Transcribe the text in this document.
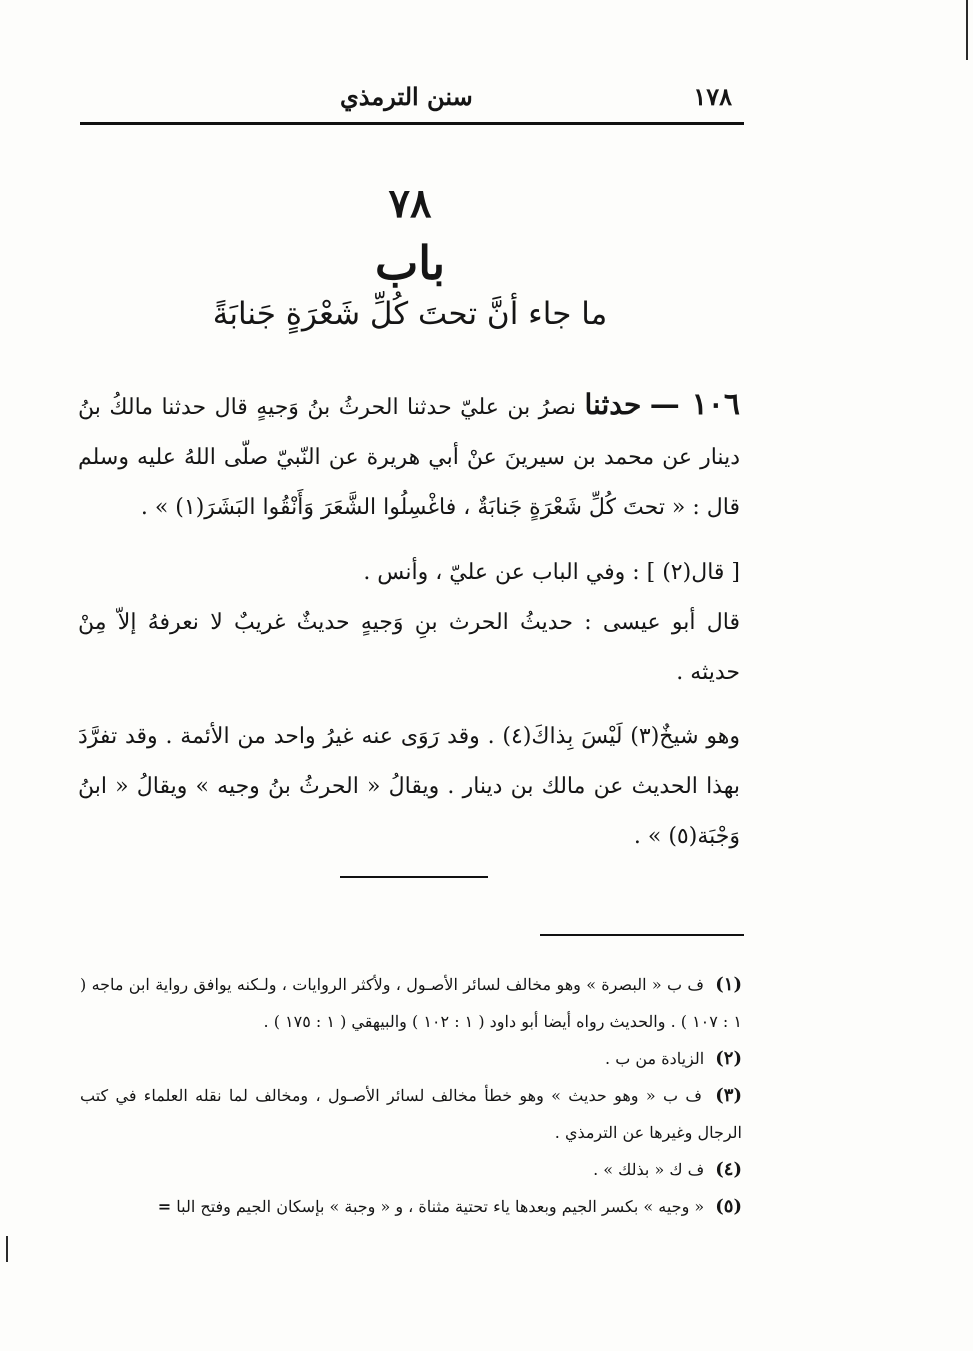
١٧٨
سنن الترمذي
٧٨
باب
ما جاء أنَّ تحتَ كُلِّ شَعْرَةٍ جَنابَةً

١٠٦ — حدثنا نصرُ بن عليّ حدثنا الحرثُ بنُ وَجيهٍ قال حدثنا مالكُ بنُ دينار عن محمد بن سيرينَ عنْ أبي هريرة عن النّبيّ صلّى اللهُ عليه وسلم قال : « تحتَ كُلِّ شَعْرَةٍ جَنابَةٌ ، فاغْسِلُوا الشَّعَرَ وَأَنْقُوا البَشَرَ(١) » .

[ قال(٢) ] : وفي الباب عن عليّ ، وأنس .

قال أبو عيسى : حديثُ الحرث بنِ وَجيهٍ حديثٌ غريبٌ لا نعرفهُ إلاّ مِنْ حديثه .

وهو شيخٌ(٣) لَيْسَ بِذاكَ(٤) . وقد رَوَى عنه غيرُ واحد من الأئمة . وقد تفرَّدَ بهذا الحديث عن مالك بن دينار . ويقالُ « الحرثُ بنُ وجيه » ويقالُ « ابنُ وَجْبَة(٥) » .

(١) ف ب « البصرة » وهو مخالف لسائر الأصـول ، ولأكثر الروايات ، ولـكنه يوافق رواية ابن ماجه ( ١ : ١٠٧ ) . والحديث رواه أيضا أبو داود ( ١ : ١٠٢ ) والبيهقي ( ١ : ١٧٥ ) .

(٢) الزيادة من ب .

(٣) ف ب « وهو حديث » وهو خطأ مخالف لسائر الأصـول ، ومخالف لما نقله العلماء في كتب الرجال وغيرها عن الترمذي .

(٤) ف ك « بذلك » .

(٥) « وجيه » بكسر الجيم وبعدها ياء تحتية مثناة ، و « وجبة » بإسكان الجيم وفتح البا =
